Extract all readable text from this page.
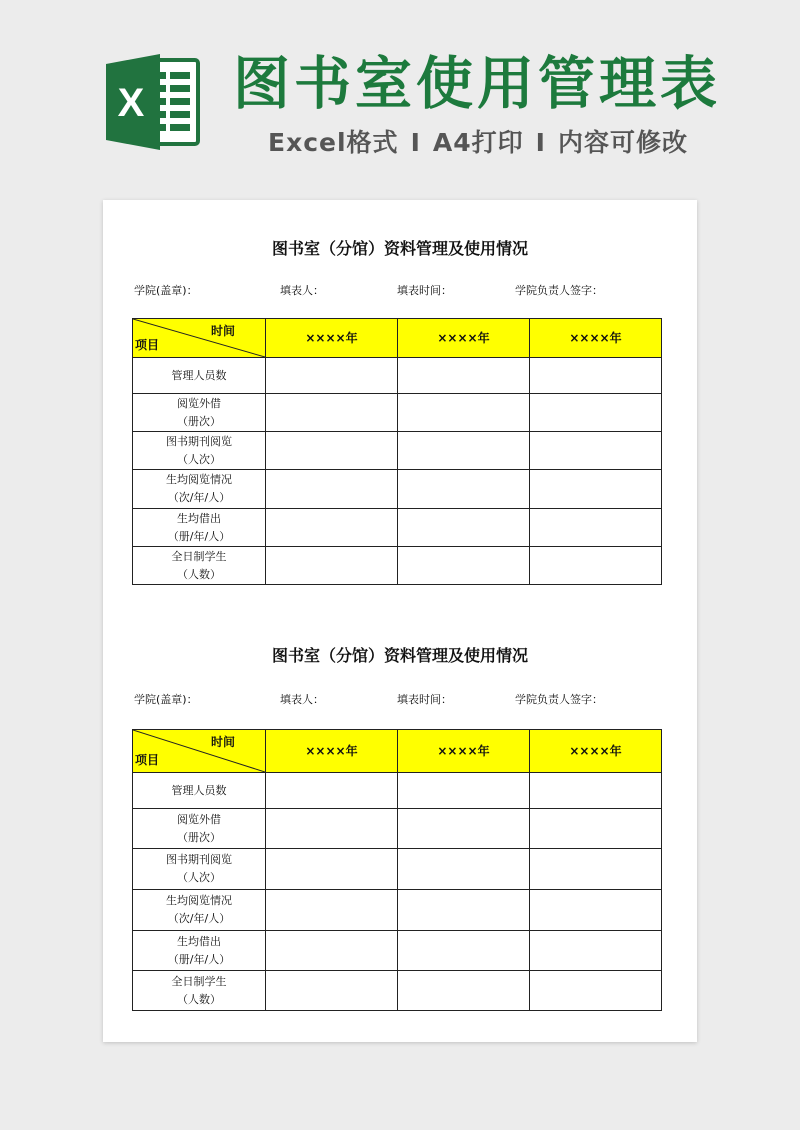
X 图书室使用管理表
Excel格式 I A4打印 I 内容可修改
图书室（分馆）资料管理及使用情况
学院(盖章)：	填表人：	填表时间：	学院负责人签字：
时间
项目	××××年	××××年	××××年

管理人员数			

阅览外借
（册次）			

图书期刊阅览
（人次）			

生均阅览情况
（次/年/人）			

生均借出
（册/年/人）			

全日制学生
（人数）			

图书室（分馆）资料管理及使用情况
学院(盖章)：	填表人：	填表时间：	学院负责人签字：
时间
项目	××××年	××××年	××××年

管理人员数			

阅览外借
（册次）			

图书期刊阅览
（人次）			

生均阅览情况
（次/年/人）			

生均借出
（册/年/人）			

全日制学生
（人数）			
